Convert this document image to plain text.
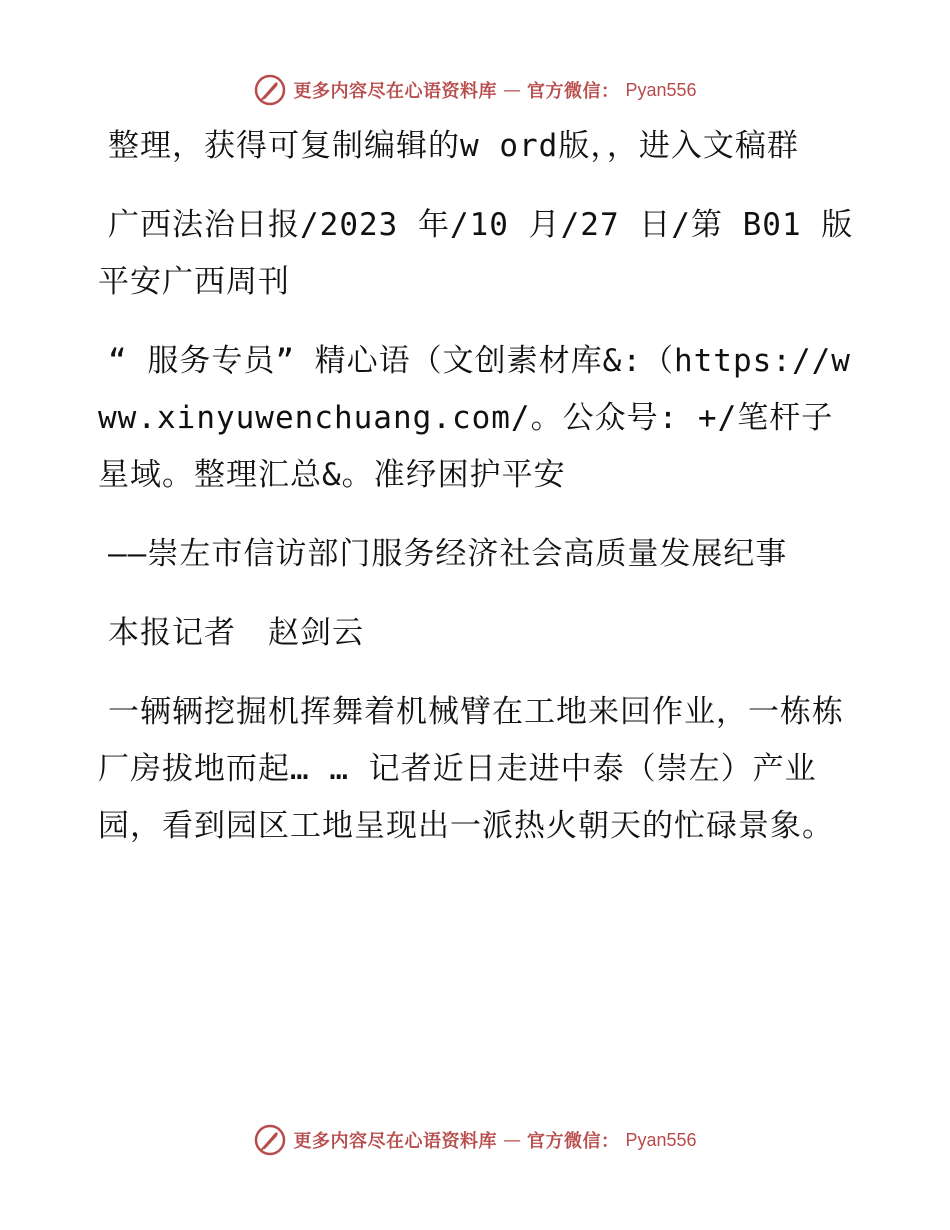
更多内容尽在心语资料库 — 官方微信： Pyan556

整理，获得可复制编辑的w ord版，，进入文稿群

广西法治日报/2023 年/10 月/27 日/第 B01 版平安广西周刊

“ 服务专员” 精心语（文创素材库&:（https://www.xinyuwenchuang.com/。公众号: +/笔杆子星域。整理汇总&。准纾困护平安

——崇左市信访部门服务经济社会高质量发展纪事

本报记者　赵剑云

一辆辆挖掘机挥舞着机械臂在工地来回作业，一栋栋厂房拔地而起… … 记者近日走进中泰（崇左）产业园，看到园区工地呈现出一派热火朝天的忙碌景象。

更多内容尽在心语资料库 — 官方微信： Pyan556
